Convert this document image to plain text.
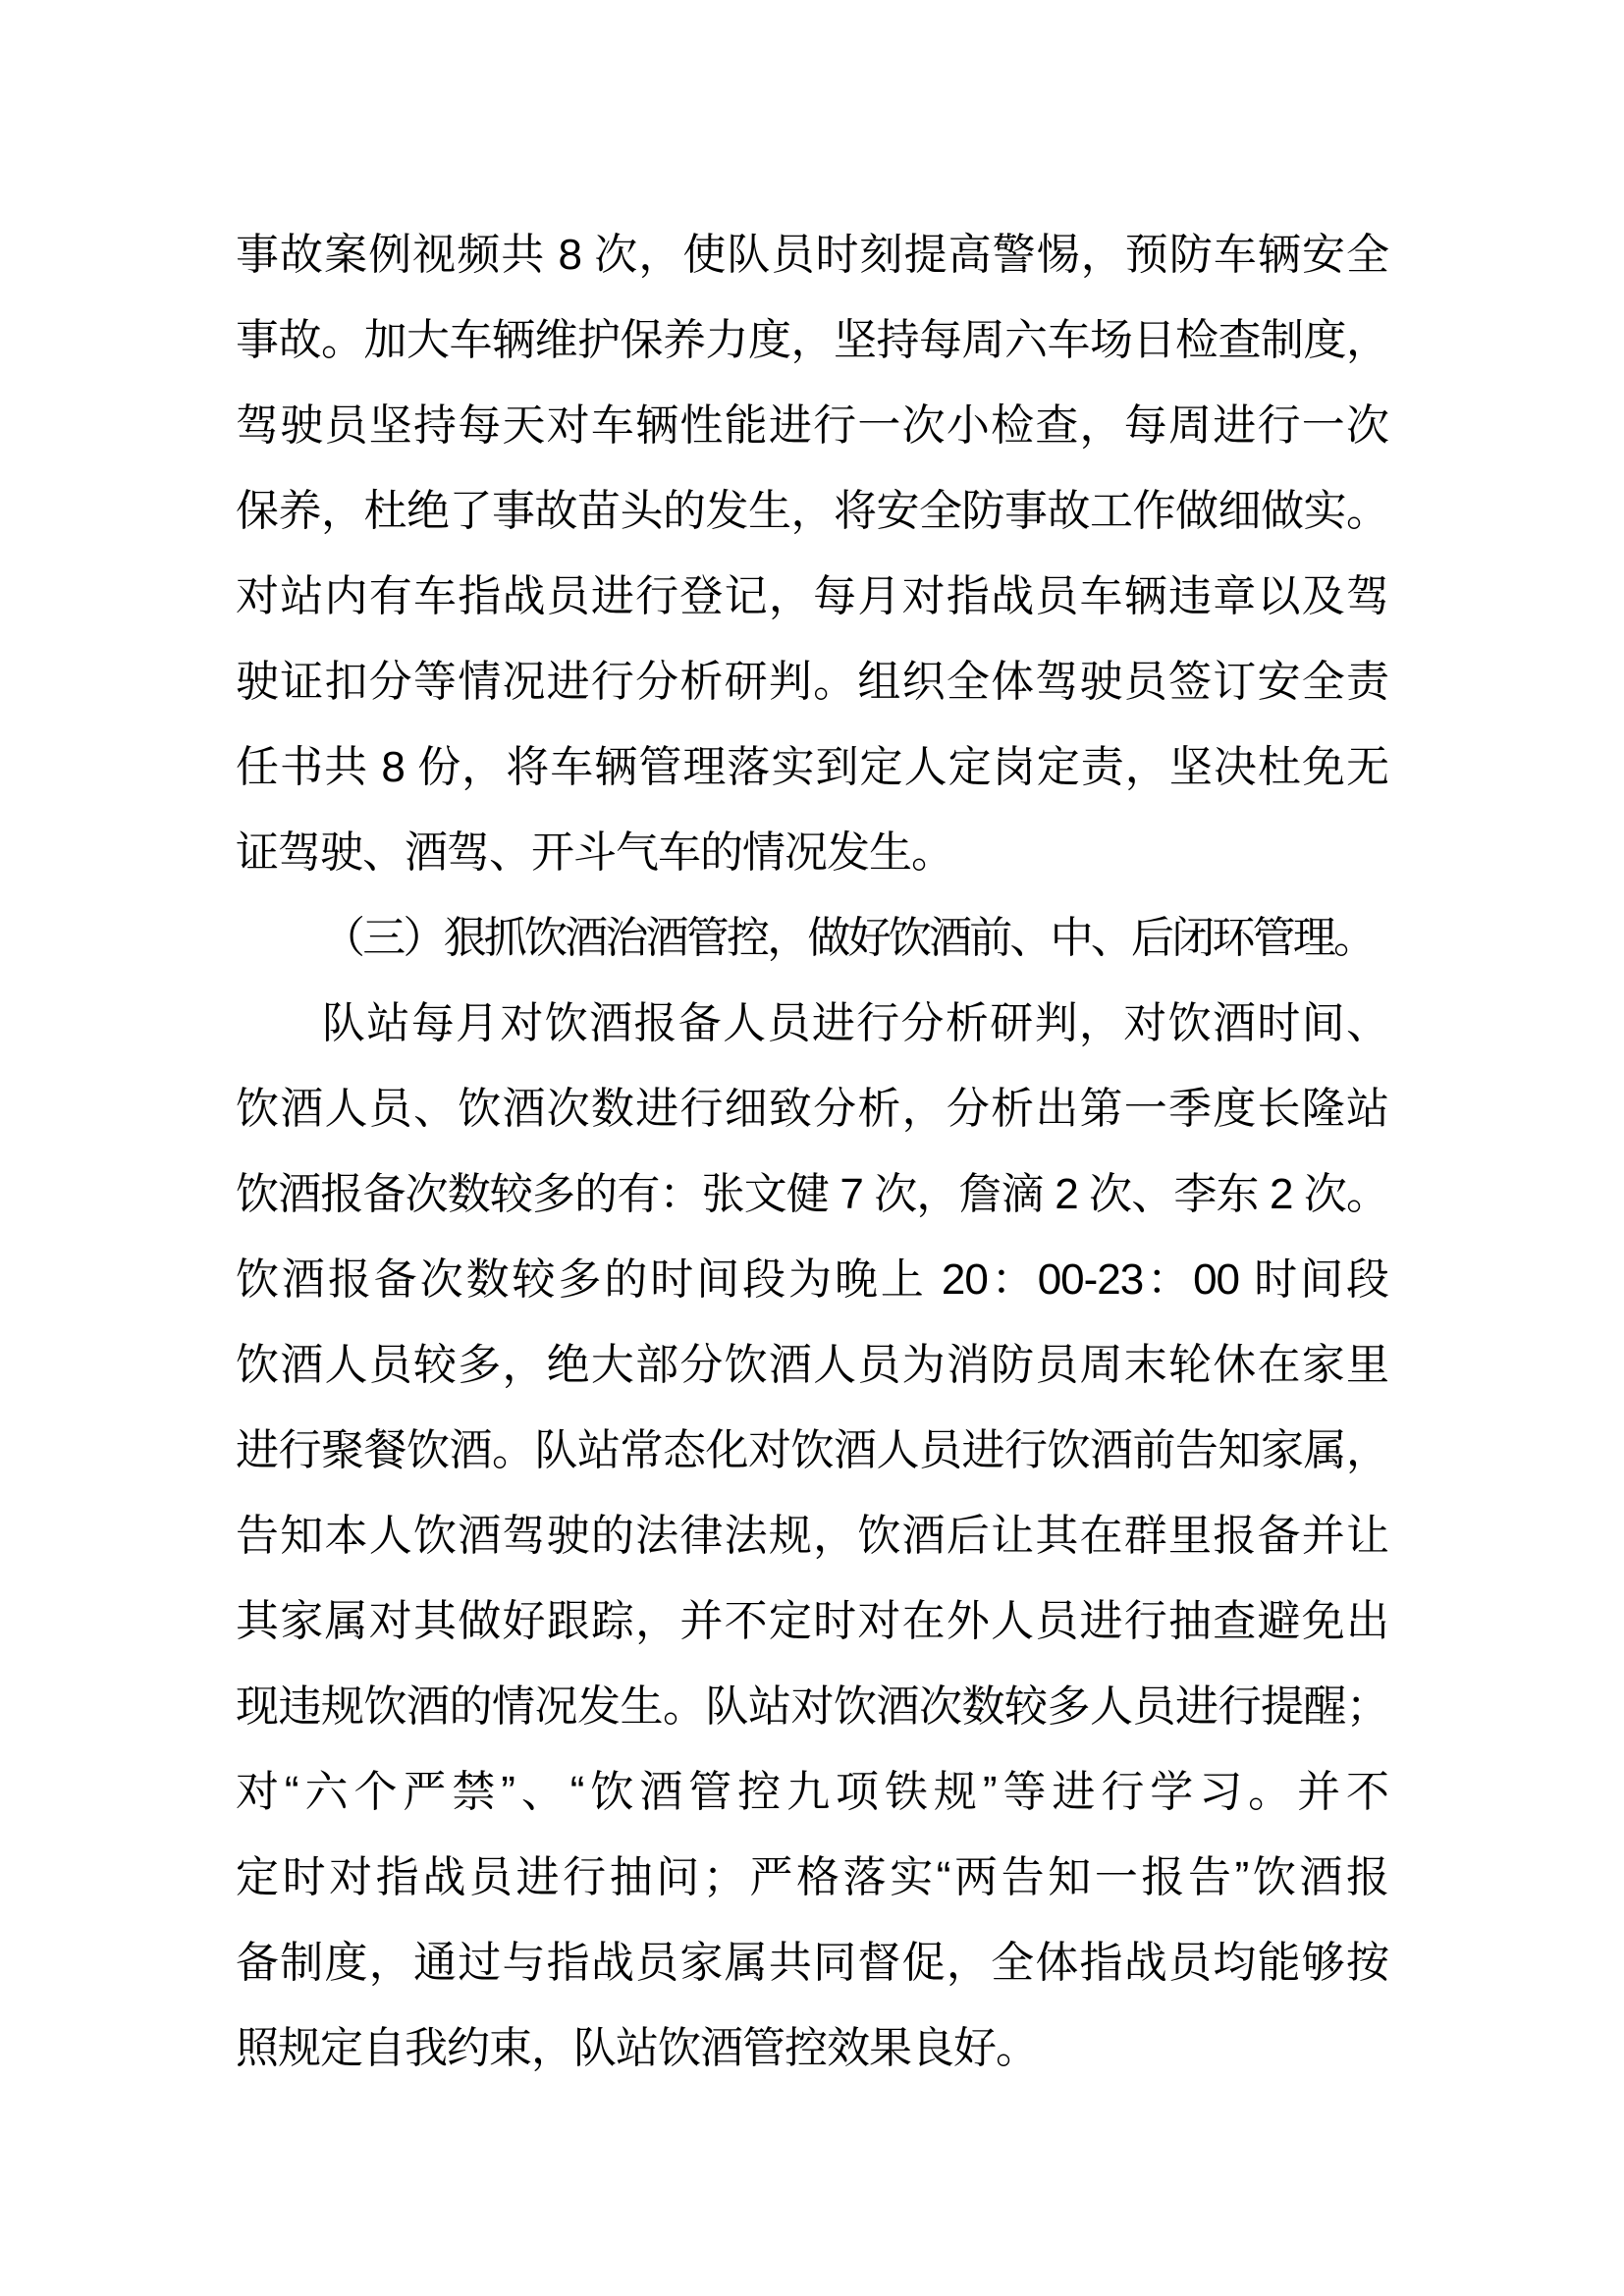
事故案例视频共 8 次，使队员时刻提高警惕，预防车辆安全
事故。加大车辆维护保养力度，坚持每周六车场日检查制度，
驾驶员坚持每天对车辆性能进行一次小检查，每周进行一次
保养，杜绝了事故苗头的发生，将安全防事故工作做细做实。
对站内有车指战员进行登记，每月对指战员车辆违章以及驾
驶证扣分等情况进行分析研判。组织全体驾驶员签订安全责
任书共 8 份，将车辆管理落实到定人定岗定责，坚决杜免无
证驾驶、酒驾、开斗气车的情况发生。
（三）狠抓饮酒治酒管控，做好饮酒前、中、后闭环管理。
队站每月对饮酒报备人员进行分析研判，对饮酒时间、
饮酒人员、饮酒次数进行细致分析，分析出第一季度长隆站
饮酒报备次数较多的有：张文健 7 次，詹滴 2 次、李东 2 次。
饮酒报备次数较多的时间段为晚上 20：00-23：00 时间段
饮酒人员较多，绝大部分饮酒人员为消防员周末轮休在家里
进行聚餐饮酒。队站常态化对饮酒人员进行饮酒前告知家属，
告知本人饮酒驾驶的法律法规，饮酒后让其在群里报备并让
其家属对其做好跟踪，并不定时对在外人员进行抽查避免出
现违规饮酒的情况发生。队站对饮酒次数较多人员进行提醒；
对“六个严禁”、“饮酒管控九项铁规”等进行学习。并不
定时对指战员进行抽问；严格落实“两告知一报告”饮酒报
备制度，通过与指战员家属共同督促，全体指战员均能够按
照规定自我约束，队站饮酒管控效果良好。
